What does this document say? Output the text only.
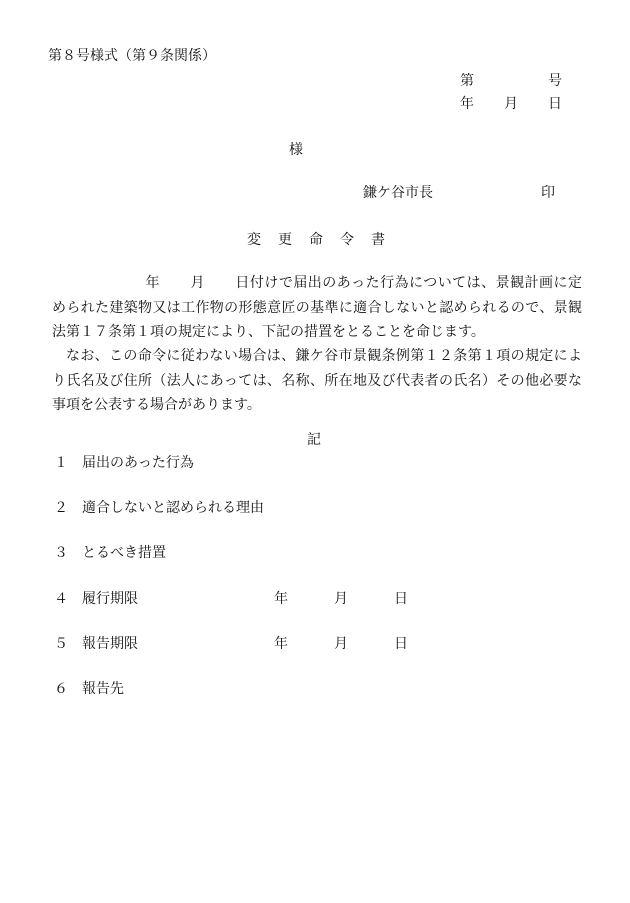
第８号様式（第９条関係）
第	号
年 月 日
様
鎌ケ谷市長	印
変更命令書
年 月 日付けで届出のあった行為については、景観計画に定められた建築物又は工作物の形態意匠の基準に適合しないと認められるので、景観法第１７条第１項の規定により、下記の措置をとることを命じます。
なお、この命令に従わない場合は、鎌ケ谷市景観条例第１２条第１項の規定により氏名及び住所（法人にあっては、名称、所在地及び代表者の氏名）その他必要な事項を公表する場合があります。
記
１ 届出のあった行為
２ 適合しないと認められる理由
３ とるべき措置
４ 履行期限	年	月	日
５ 報告期限	年	月	日
６ 報告先
